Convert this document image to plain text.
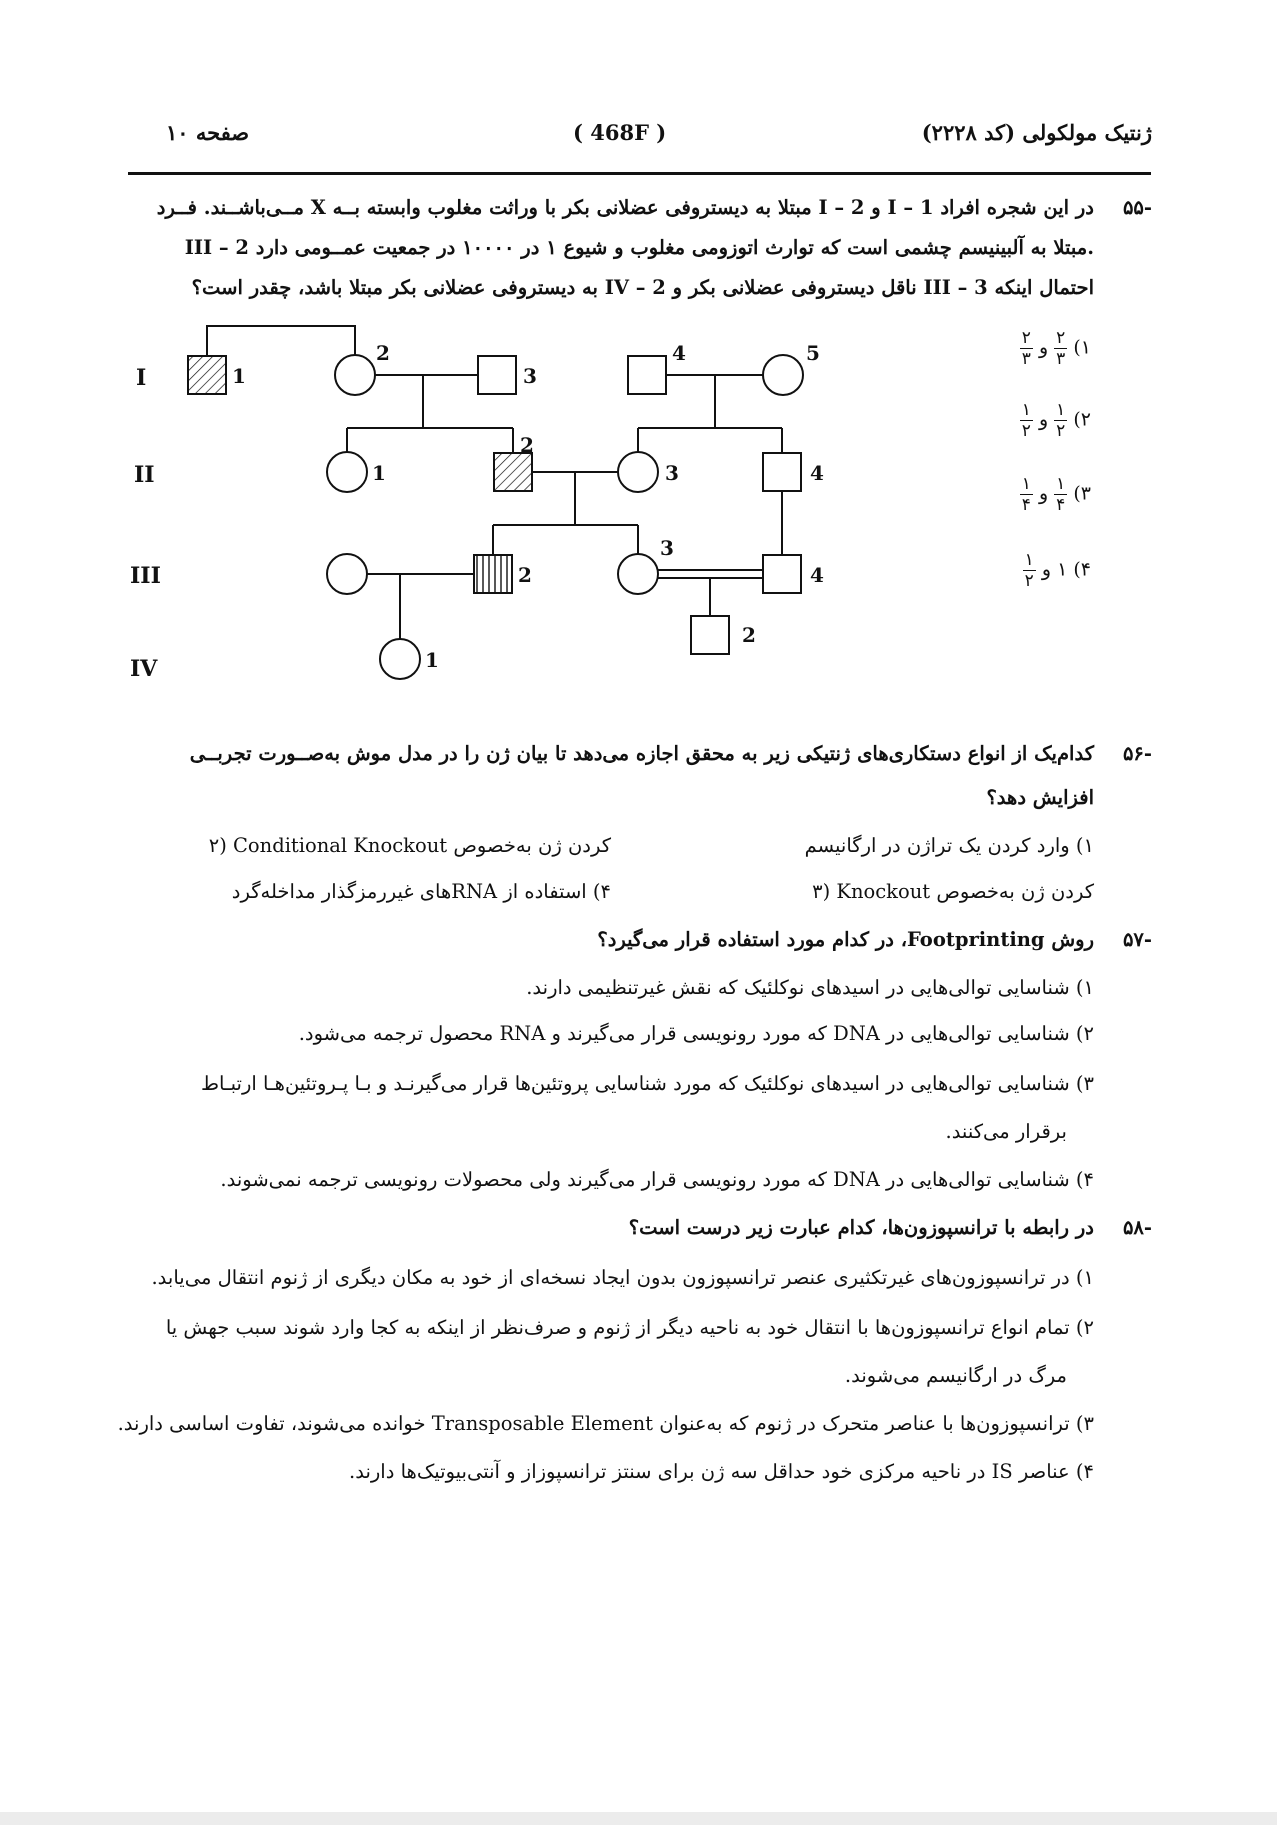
ژنتیک مولکولی (کد ۲۲۲۸)
( 468F )
صفحه ۱۰
۵۵-
در این شجره افراد I – 1 و I – 2 مبتلا به دیستروفی عضلانی بکر با وراثت مغلوب وابسته بــه X مــی‌باشــند. فــرد
III – 2 مبتلا به آلبینیسم چشمی است که توارث اتوزومی مغلوب و شیوع ۱ در ۱۰۰۰۰ در جمعیت عمــومی دارد.
احتمال اینکه III – 3 ناقل دیستروفی عضلانی بکر و IV – 2 به دیستروفی عضلانی بکر مبتلا باشد، چقدر است؟
۱)
$\frac{۲}{۳}$
و
$\frac{۲}{۳}$
۲)
$\frac{۱}{۲}$
و
$\frac{۱}{۲}$
۳)
$\frac{۱}{۴}$
و
$\frac{۱}{۴}$
۴) ۱ و
$\frac{۱}{۲}$
1
2
3
4	5
1
2
3	4
2
3
4
1
2
I
II
III
IV
۵۶-
کدام‌یک از انواع دستکاری‌های ژنتیکی زیر به محقق اجازه می‌دهد تا بیان ژن را در مدل موش به‌صــورت تجربــی
افزایش دهد؟
۱) وارد کردن یک تراژن در ارگانیسم
۲) Conditional Knockout کردن ژن به‌خصوص
۳) Knockout کردن ژن به‌خصوص
۴) استفاده از RNAهای غیررمزگذار مداخله‌گرد
۵۷-
روش Footprinting، در کدام مورد استفاده قرار می‌گیرد؟
۱) شناسایی توالی‌هایی در اسیدهای نوکلئیک که نقش غیرتنظیمی دارند.
۲) شناسایی توالی‌هایی در DNA که مورد رونویسی قرار می‌گیرند و RNA محصول ترجمه می‌شود.
۳) شناسایی توالی‌هایی در اسیدهای نوکلئیک که مورد شناسایی پروتئین‌ها قرار می‌گیرنـد و بـا پـروتئین‌هـا ارتبـاط
برقرار می‌کنند.
۴) شناسایی توالی‌هایی در DNA که مورد رونویسی قرار می‌گیرند ولی محصولات رونویسی ترجمه نمی‌شوند.
۵۸-
در رابطه با ترانسپوزون‌ها، کدام عبارت زیر درست است؟
۱) در ترانسپوزون‌های غیرتکثیری عنصر ترانسپوزون بدون ایجاد نسخه‌ای از خود به مکان دیگری از ژنوم انتقال می‌یابد.
۲) تمام انواع ترانسپوزون‌ها با انتقال خود به ناحیه دیگر از ژنوم و صرف‌نظر از اینکه به کجا وارد شوند سبب جهش یا
مرگ در ارگانیسم می‌شوند.
۳) ترانسپوزون‌ها با عناصر متحرک در ژنوم که به‌عنوان Transposable Element خوانده می‌شوند، تفاوت اساسی دارند.
۴) عناصر IS در ناحیه مرکزی خود حداقل سه ژن برای سنتز ترانسپوزاز و آنتی‌بیوتیک‌ها دارند.
